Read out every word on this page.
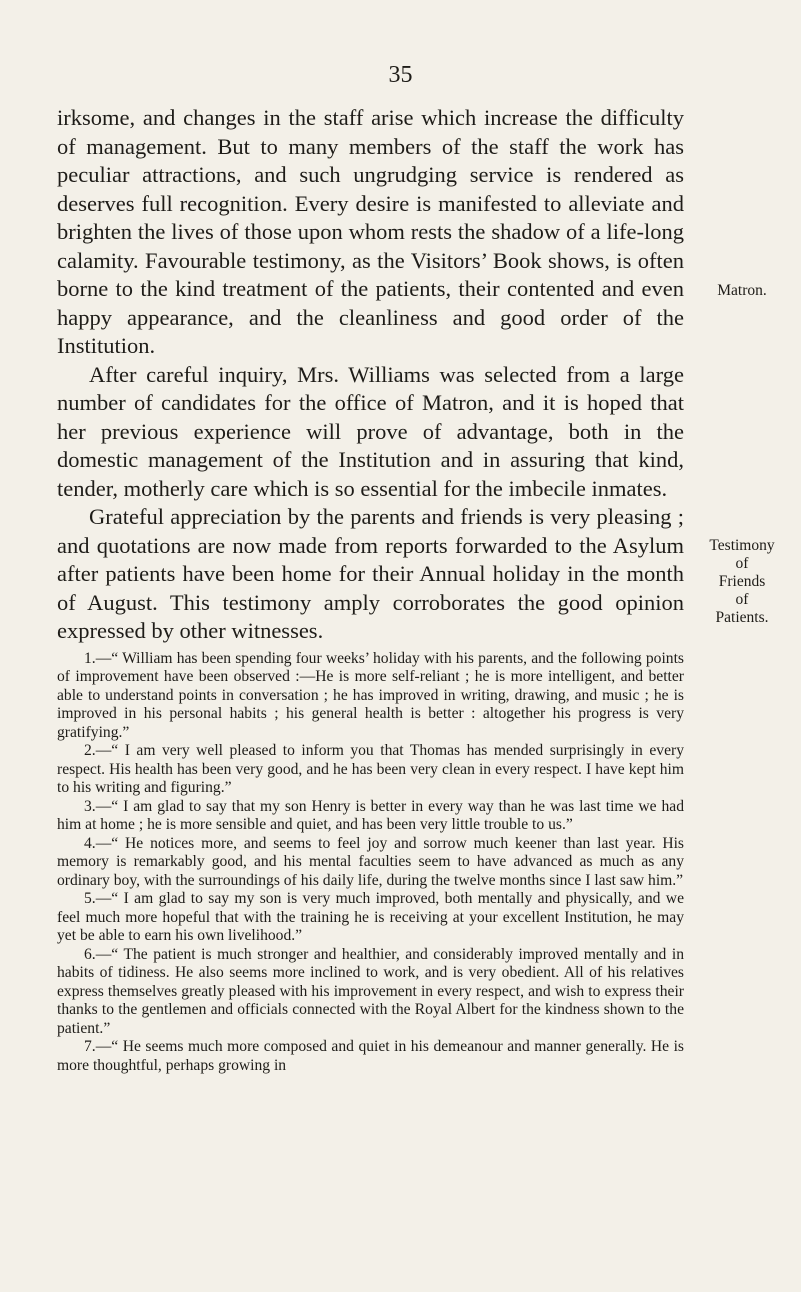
35
Matron.
Testimony
of
Friends
of
Patients.

irksome, and changes in the staff arise which increase the difficulty of management. But to many members of the staff the work has peculiar attractions, and such ungrudging service is rendered as deserves full recognition. Every desire is manifested to alleviate and brighten the lives of those upon whom rests the shadow of a life-long calamity. Favourable testimony, as the Visitors’ Book shows, is often borne to the kind treatment of the patients, their contented and even happy appearance, and the cleanliness and good order of the Institution.

After careful inquiry, Mrs. Williams was selected from a large number of candidates for the office of Matron, and it is hoped that her previous experience will prove of advantage, both in the domestic management of the Institution and in assuring that kind, tender, motherly care which is so essential for the imbecile inmates.

Grateful appreciation by the parents and friends is very pleasing ; and quotations are now made from reports forwarded to the Asylum after patients have been home for their Annual holiday in the month of August. This testimony amply corroborates the good opinion expressed by other witnesses.

1.—“ William has been spending four weeks’ holiday with his parents, and the following points of improvement have been observed :—He is more self-reliant ; he is more intelligent, and better able to understand points in conversation ; he has improved in writing, drawing, and music ; he is improved in his personal habits ; his general health is better : altogether his progress is very gratifying.”

2.—“ I am very well pleased to inform you that Thomas has mended surprisingly in every respect. His health has been very good, and he has been very clean in every respect. I have kept him to his writing and figuring.”

3.—“ I am glad to say that my son Henry is better in every way than he was last time we had him at home ; he is more sensible and quiet, and has been very little trouble to us.”

4.—“ He notices more, and seems to feel joy and sorrow much keener than last year. His memory is remarkably good, and his mental faculties seem to have advanced as much as any ordinary boy, with the surroundings of his daily life, during the twelve months since I last saw him.”

5.—“ I am glad to say my son is very much improved, both mentally and physically, and we feel much more hopeful that with the training he is receiving at your excellent Institution, he may yet be able to earn his own livelihood.”

6.—“ The patient is much stronger and healthier, and considerably improved mentally and in habits of tidiness. He also seems more inclined to work, and is very obedient. All of his relatives express themselves greatly pleased with his improvement in every respect, and wish to express their thanks to the gentlemen and officials connected with the Royal Albert for the kindness shown to the patient.”

7.—“ He seems much more composed and quiet in his demeanour and manner generally. He is more thoughtful, perhaps growing in
